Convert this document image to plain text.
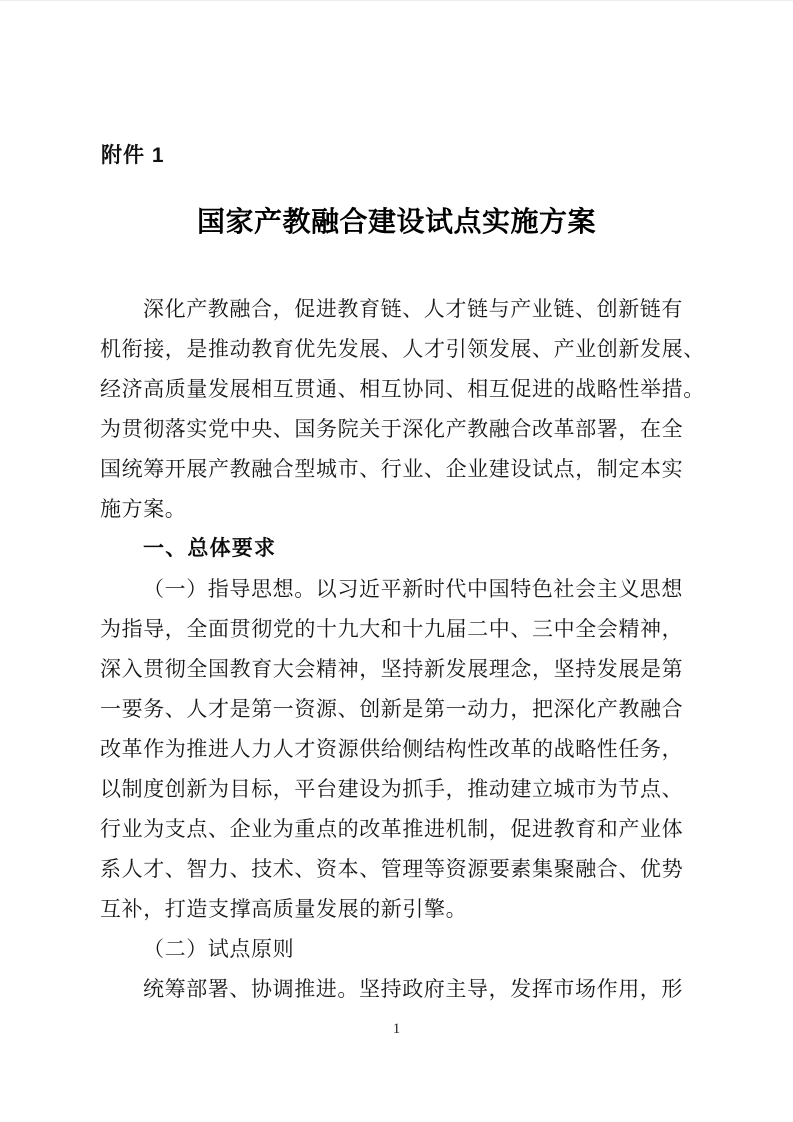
附件 1
国家产教融合建设试点实施方案
深化产教融合，促进教育链、人才链与产业链、创新链有
机衔接，是推动教育优先发展、人才引领发展、产业创新发展、
经济高质量发展相互贯通、相互协同、相互促进的战略性举措。
为贯彻落实党中央、国务院关于深化产教融合改革部署，在全
国统筹开展产教融合型城市、行业、企业建设试点，制定本实
施方案。
一、总体要求
（一）指导思想。以习近平新时代中国特色社会主义思想
为指导，全面贯彻党的十九大和十九届二中、三中全会精神，
深入贯彻全国教育大会精神，坚持新发展理念，坚持发展是第
一要务、人才是第一资源、创新是第一动力，把深化产教融合
改革作为推进人力人才资源供给侧结构性改革的战略性任务，
以制度创新为目标，平台建设为抓手，推动建立城市为节点、
行业为支点、企业为重点的改革推进机制，促进教育和产业体
系人才、智力、技术、资本、管理等资源要素集聚融合、优势
互补，打造支撑高质量发展的新引擎。
（二）试点原则
统筹部署、协调推进。坚持政府主导，发挥市场作用，形
1
